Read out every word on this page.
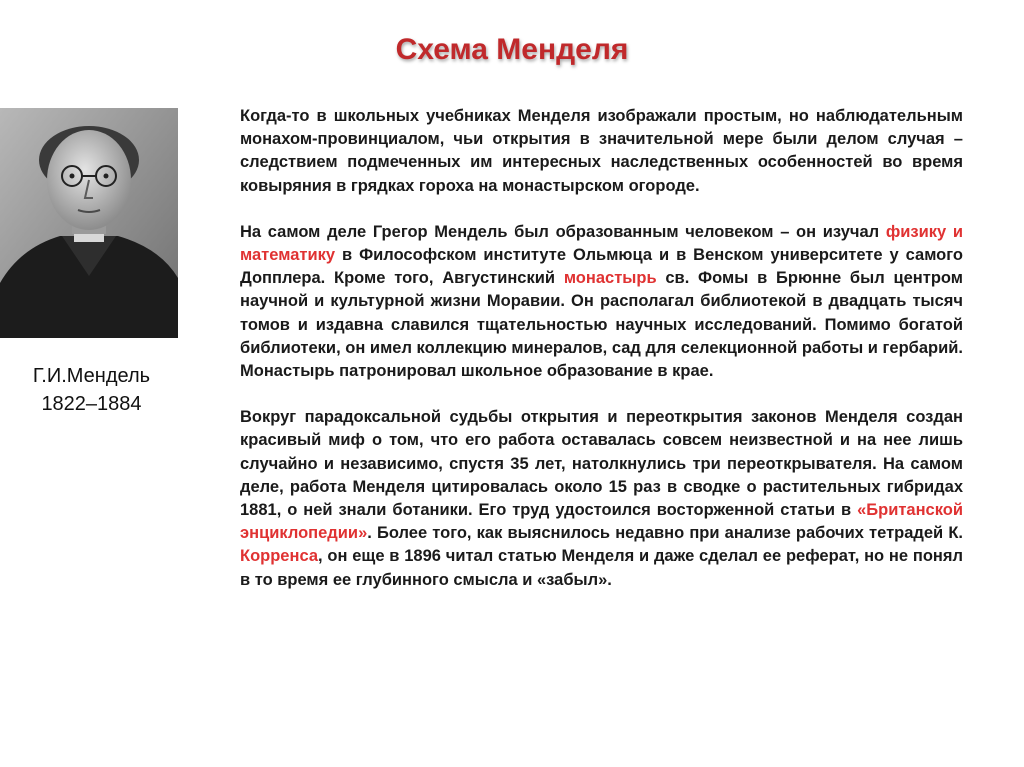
Схема Менделя
Г.И.Мендель
1822–1884

Когда-то в школьных учебниках Менделя изображали простым, но наблюдательным монахом-провинциалом, чьи открытия в значительной мере были делом случая – следствием подмеченных им интересных наследственных особенностей во время ковыряния в грядках гороха на монастырском огороде.

На самом деле Грегор Мендель был образованным человеком – он изучал физику и математику в Философском институте Ольмюца и в Венском университете у самого Допплера. Кроме того, Августинский монастырь св. Фомы в Брюнне был центром научной и культурной жизни Моравии. Он располагал библиотекой в двадцать тысяч томов и издавна славился тщательностью научных исследований. Помимо богатой библиотеки, он имел коллекцию минералов, сад для селекционной работы и гербарий. Монастырь патронировал школьное образование в крае.

Вокруг парадоксальной судьбы открытия и переоткрытия законов Менделя создан красивый миф о том, что его работа оставалась совсем неизвестной и на нее лишь случайно и независимо, спустя 35 лет, натолкнулись три переоткрывателя. На самом деле, работа Менделя цитировалась около 15 раз в сводке о растительных гибридах 1881, о ней знали ботаники. Его труд удостоился восторженной статьи в «Британской энциклопедии». Более того, как выяснилось недавно при анализе рабочих тетрадей К. Корренса, он еще в 1896 читал статью Менделя и даже сделал ее реферат, но не понял в то время ее глубинного смысла и «забыл».
